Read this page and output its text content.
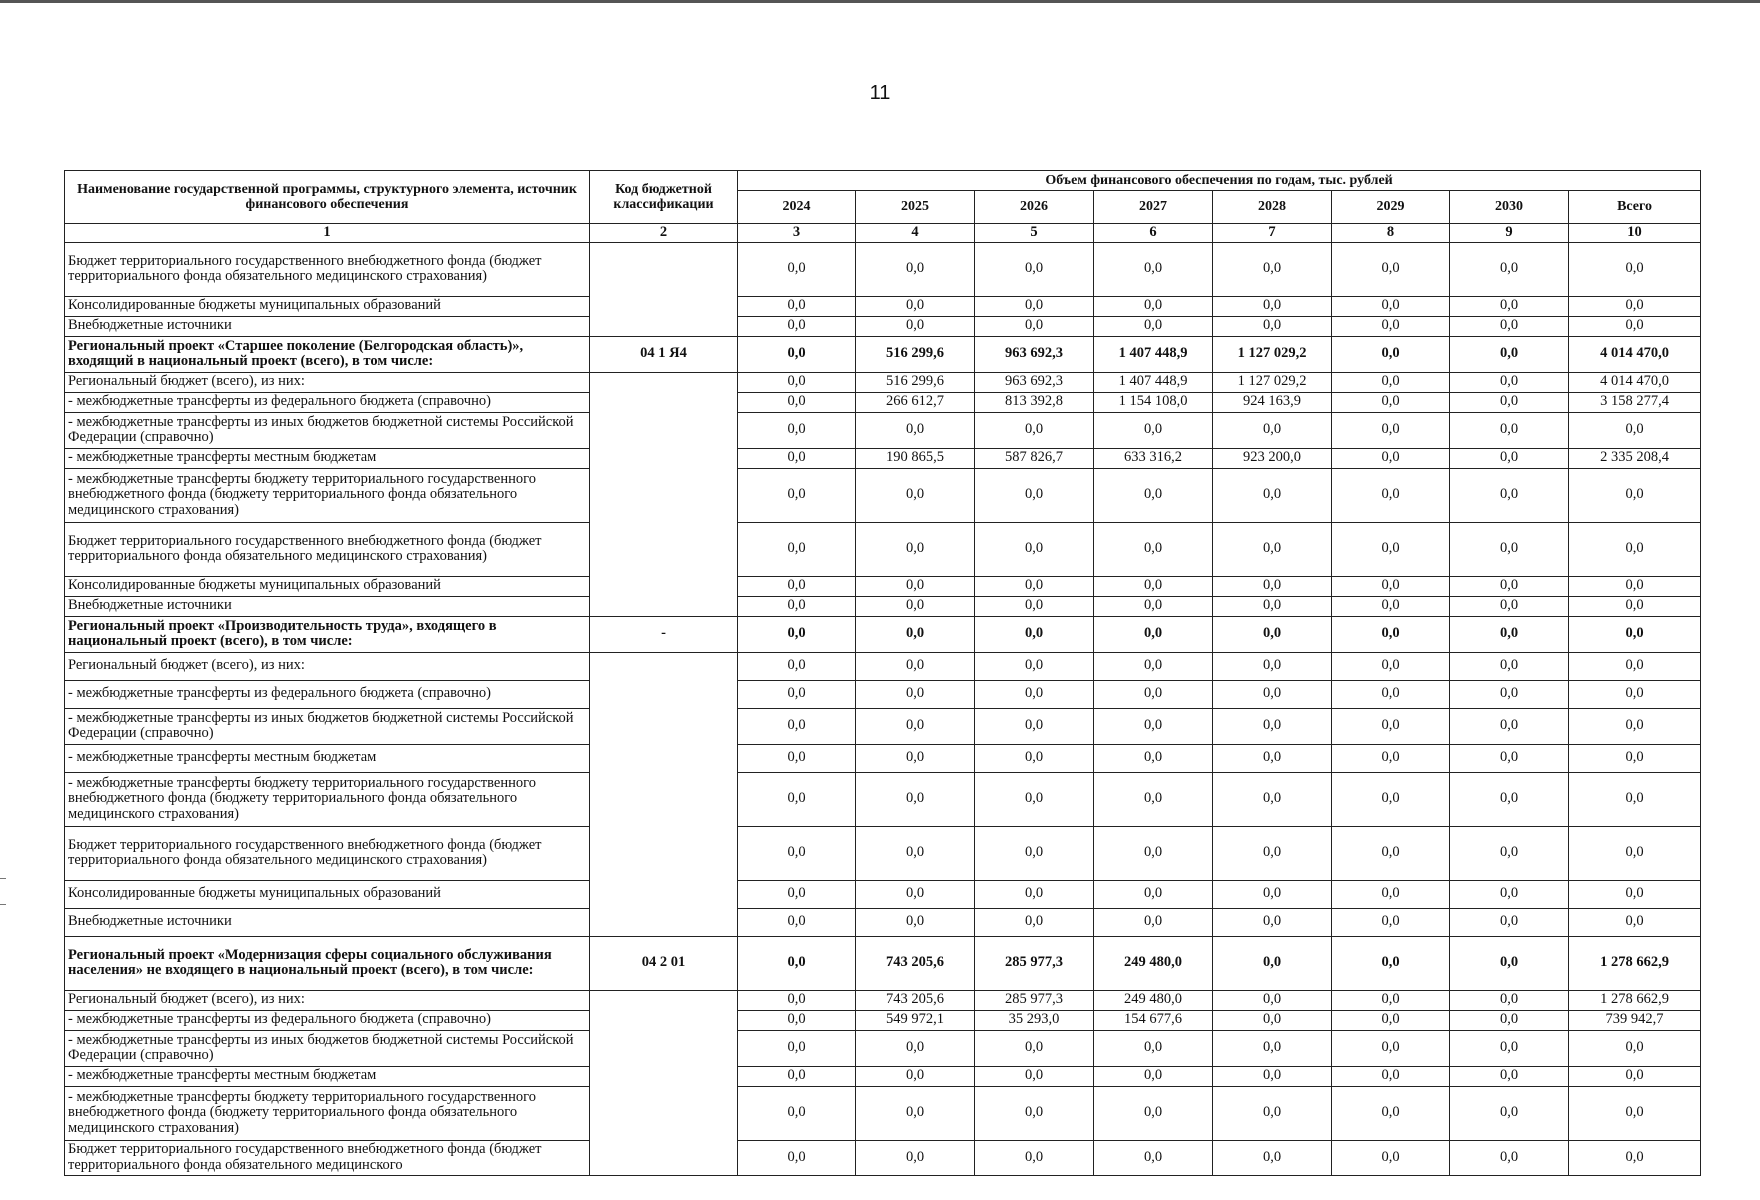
11
Наименование государственной программы, структурного элемента, источник финансового обеспечения	Код бюджетной классификации	Объем финансового обеспечения по годам, тыс. рублей							
		2024	2025	2026	2027	2028	2029	2030	Всего
1	2	3	4	5	6	7	8	9	10
Бюджет территориального государственного внебюджетного фонда (бюджет территориального фонда обязательного медицинского страхования)		0,0	0,0	0,0	0,0	0,0	0,0	0,0	0,0
Консолидированные бюджеты муниципальных образований		0,0	0,0	0,0	0,0	0,0	0,0	0,0	0,0
Внебюджетные источники		0,0	0,0	0,0	0,0	0,0	0,0	0,0	0,0
Региональный проект «Старшее поколение (Белгородская область)», входящий в национальный проект (всего), в том числе:	04 1 Я4	0,0	516 299,6	963 692,3	1 407 448,9	1 127 029,2	0,0	0,0	4 014 470,0
Региональный бюджет (всего), из них:		0,0	516 299,6	963 692,3	1 407 448,9	1 127 029,2	0,0	0,0	4 014 470,0
- межбюджетные трансферты из федерального бюджета (справочно)		0,0	266 612,7	813 392,8	1 154 108,0	924 163,9	0,0	0,0	3 158 277,4
- межбюджетные трансферты из иных бюджетов бюджетной системы Российской Федерации (справочно)		0,0	0,0	0,0	0,0	0,0	0,0	0,0	0,0
- межбюджетные трансферты местным бюджетам		0,0	190 865,5	587 826,7	633 316,2	923 200,0	0,0	0,0	2 335 208,4
- межбюджетные трансферты бюджету территориального государственного внебюджетного фонда (бюджету территориального фонда обязательного медицинского страхования)		0,0	0,0	0,0	0,0	0,0	0,0	0,0	0,0
Бюджет территориального государственного внебюджетного фонда (бюджет территориального фонда обязательного медицинского страхования)		0,0	0,0	0,0	0,0	0,0	0,0	0,0	0,0
Консолидированные бюджеты муниципальных образований		0,0	0,0	0,0	0,0	0,0	0,0	0,0	0,0
Внебюджетные источники		0,0	0,0	0,0	0,0	0,0	0,0	0,0	0,0
Региональный проект «Производительность труда», входящего в национальный проект (всего), в том числе:	-	0,0	0,0	0,0	0,0	0,0	0,0	0,0	0,0
Региональный бюджет (всего), из них:		0,0	0,0	0,0	0,0	0,0	0,0	0,0	0,0
- межбюджетные трансферты из федерального бюджета (справочно)		0,0	0,0	0,0	0,0	0,0	0,0	0,0	0,0
- межбюджетные трансферты из иных бюджетов бюджетной системы Российской Федерации (справочно)		0,0	0,0	0,0	0,0	0,0	0,0	0,0	0,0
- межбюджетные трансферты местным бюджетам		0,0	0,0	0,0	0,0	0,0	0,0	0,0	0,0
- межбюджетные трансферты бюджету территориального государственного внебюджетного фонда (бюджету территориального фонда обязательного медицинского страхования)		0,0	0,0	0,0	0,0	0,0	0,0	0,0	0,0
Бюджет территориального государственного внебюджетного фонда (бюджет территориального фонда обязательного медицинского страхования)		0,0	0,0	0,0	0,0	0,0	0,0	0,0	0,0
Консолидированные бюджеты муниципальных образований		0,0	0,0	0,0	0,0	0,0	0,0	0,0	0,0
Внебюджетные источники		0,0	0,0	0,0	0,0	0,0	0,0	0,0	0,0
Региональный проект «Модернизация сферы социального обслуживания населения» не входящего в национальный проект (всего), в том числе:	04 2 01	0,0	743 205,6	285 977,3	249 480,0	0,0	0,0	0,0	1 278 662,9
Региональный бюджет (всего), из них:		0,0	743 205,6	285 977,3	249 480,0	0,0	0,0	0,0	1 278 662,9
- межбюджетные трансферты из федерального бюджета (справочно)		0,0	549 972,1	35 293,0	154 677,6	0,0	0,0	0,0	739 942,7
- межбюджетные трансферты из иных бюджетов бюджетной системы Российской Федерации (справочно)		0,0	0,0	0,0	0,0	0,0	0,0	0,0	0,0
- межбюджетные трансферты местным бюджетам		0,0	0,0	0,0	0,0	0,0	0,0	0,0	0,0
- межбюджетные трансферты бюджету территориального государственного внебюджетного фонда (бюджету территориального фонда обязательного медицинского страхования)		0,0	0,0	0,0	0,0	0,0	0,0	0,0	0,0
Бюджет территориального государственного внебюджетного фонда (бюджет территориального фонда обязательного медицинского		0,0	0,0	0,0	0,0	0,0	0,0	0,0	0,0
